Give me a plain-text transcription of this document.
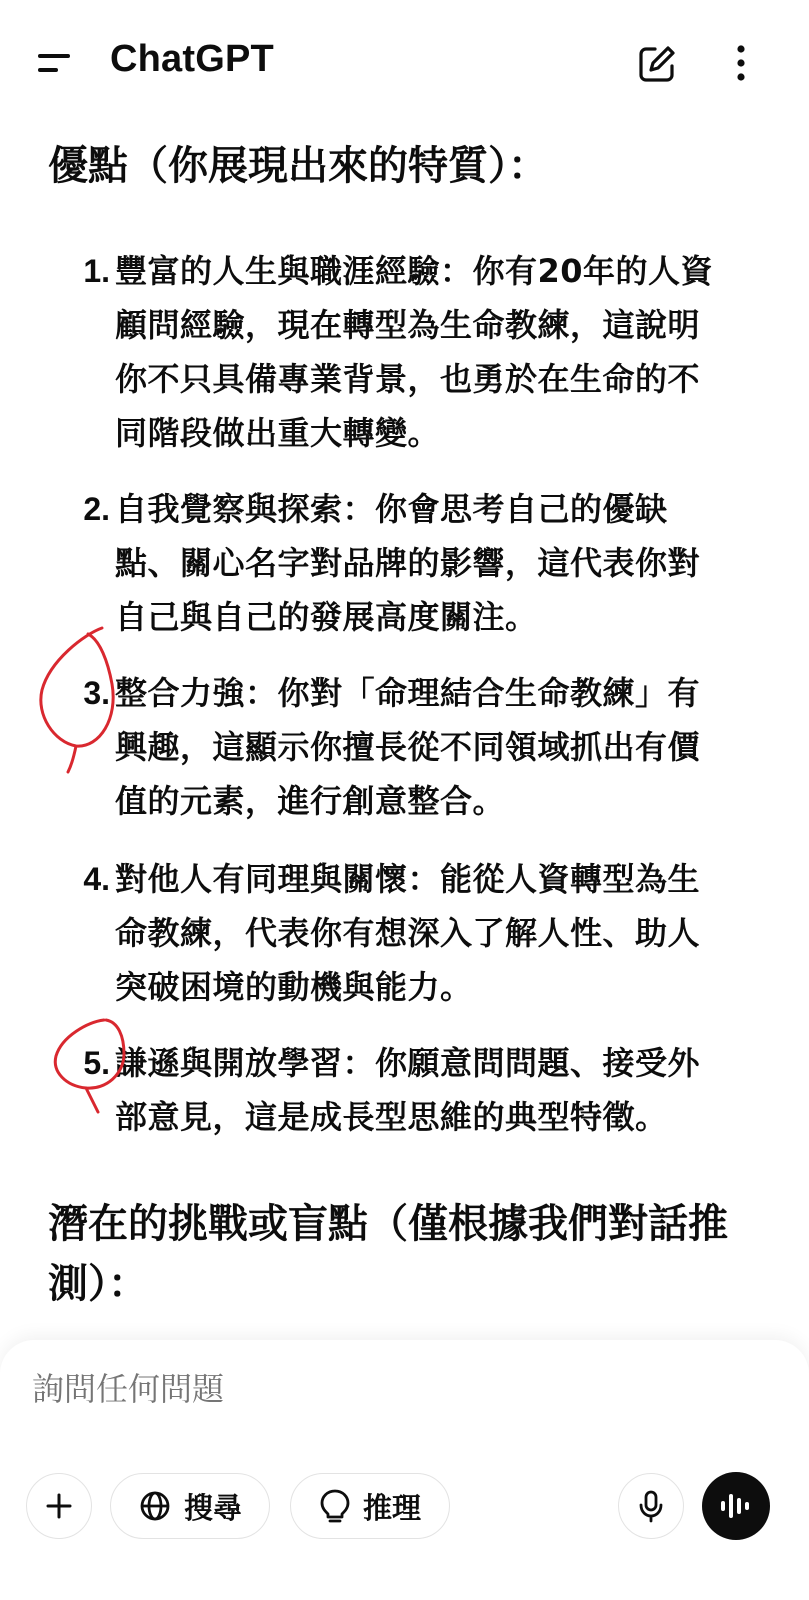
ChatGPT
優點（你展現出來的特質）：
1. 豐富的人生與職涯經驗：你有20年的人資
顧問經驗，現在轉型為生命教練，這說明
你不只具備專業背景，也勇於在生命的不
同階段做出重大轉變。
2. 自我覺察與探索：你會思考自己的優缺
點、關心名字對品牌的影響，這代表你對
自己與自己的發展高度關注。
3. 整合力強：你對「命理結合生命教練」有
興趣，這顯示你擅長從不同領域抓出有價
值的元素，進行創意整合。
4. 對他人有同理與關懷：能從人資轉型為生
命教練，代表你有想深入了解人性、助人
突破困境的動機與能力。
5. 謙遜與開放學習：你願意問問題、接受外
部意見，這是成長型思維的典型特徵。
潛在的挑戰或盲點（僅根據我們對話推
測）：
詢問任何問題
搜尋	推理
